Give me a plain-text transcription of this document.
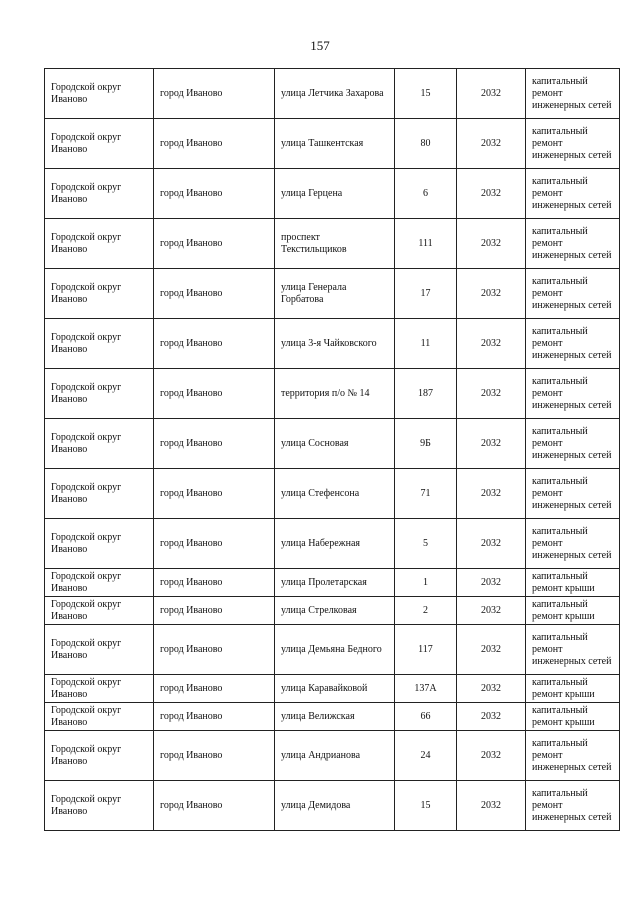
157
Городской округ Иваново	город Иваново	улица Летчика Захарова	15	2032	капитальный ремонт инженерных сетей
Городской округ Иваново	город Иваново	улица Ташкентская	80	2032	капитальный ремонт инженерных сетей
Городской округ Иваново	город Иваново	улица Герцена	6	2032	капитальный ремонт инженерных сетей
Городской округ Иваново	город Иваново	проспект Текстильщиков	111	2032	капитальный ремонт инженерных сетей
Городской округ Иваново	город Иваново	улица Генерала Горбатова	17	2032	капитальный ремонт инженерных сетей
Городской округ Иваново	город Иваново	улица 3-я Чайковского	11	2032	капитальный ремонт инженерных сетей
Городской округ Иваново	город Иваново	территория п/о № 14	187	2032	капитальный ремонт инженерных сетей
Городской округ Иваново	город Иваново	улица Сосновая	9Б	2032	капитальный ремонт инженерных сетей
Городской округ Иваново	город Иваново	улица Стефенсона	71	2032	капитальный ремонт инженерных сетей
Городской округ Иваново	город Иваново	улица Набережная	5	2032	капитальный ремонт инженерных сетей
Городской округ Иваново	город Иваново	улица Пролетарская	1	2032	капитальный ремонт крыши
Городской округ Иваново	город Иваново	улица Стрелковая	2	2032	капитальный ремонт крыши
Городской округ Иваново	город Иваново	улица Демьяна Бедного	117	2032	капитальный ремонт инженерных сетей
Городской округ Иваново	город Иваново	улица Каравайковой	137А	2032	капитальный ремонт крыши
Городской округ Иваново	город Иваново	улица Велижская	66	2032	капитальный ремонт крыши
Городской округ Иваново	город Иваново	улица Андрианова	24	2032	капитальный ремонт инженерных сетей
Городской округ Иваново	город Иваново	улица Демидова	15	2032	капитальный ремонт инженерных сетей
